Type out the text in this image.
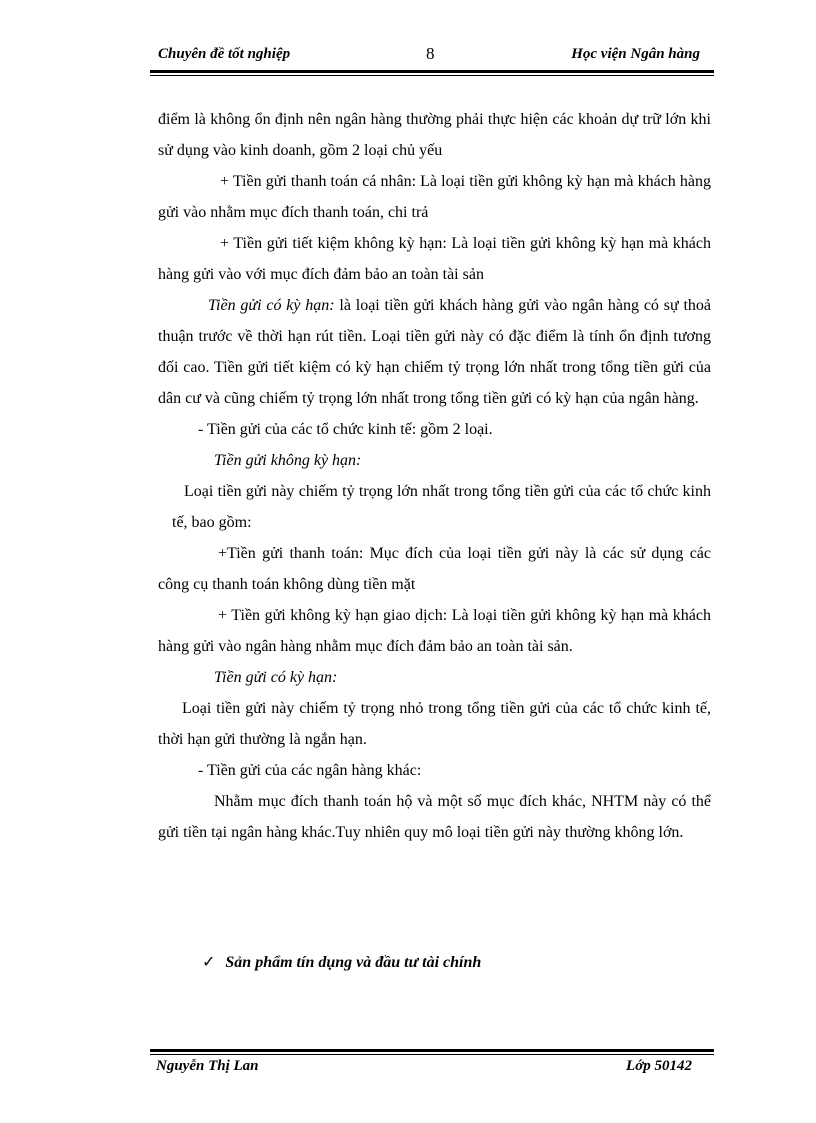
Chuyên đề tốt nghiệp	8	Học viện Ngân hàng

điểm là không ổn định nên ngân hàng thường phải thực hiện các khoản dự trữ lớn khi sử dụng vào kinh doanh, gồm 2 loại chủ yếu

+ Tiền gửi thanh toán cá nhân: Là loại tiền gửi không kỳ hạn mà khách hàng gửi vào nhằm mục đích thanh toán, chi trả

+ Tiền gửi tiết kiệm không kỳ hạn: Là loại tiền gửi không kỳ hạn mà khách hàng gửi vào với mục đích đảm bảo an toàn tài sản

Tiền gửi có kỳ hạn: là loại tiền gửi khách hàng gửi vào ngân hàng có sự thoả thuận trước về thời hạn rút tiền. Loại tiền gửi này có đặc điểm là tính ổn định tương đối cao. Tiền gửi tiết kiệm có kỳ hạn chiếm tỷ trọng lớn nhất trong tổng tiền gửi của dân cư và cũng chiếm tỷ trọng lớn nhất trong tổng tiền gửi có kỳ hạn của ngân hàng.

- Tiền gửi của các tổ chức kinh tế: gồm 2 loại.

Tiền gửi không kỳ hạn:

Loại tiền gửi này chiếm tỷ trọng lớn nhất trong tổng tiền gửi của các tổ chức kinh tế, bao gồm:

+Tiền gửi thanh toán: Mục đích của loại tiền gửi này là các sử dụng các công cụ thanh toán không dùng tiền mặt

+ Tiền gửi không kỳ hạn giao dịch: Là loại tiền gửi không kỳ hạn mà khách hàng gửi vào ngân hàng nhằm mục đích đảm bảo an toàn tài sản.

Tiền gửi có kỳ hạn:

Loại tiền gửi này chiếm tỷ trọng nhỏ trong tổng tiền gửi của các tổ chức kinh tế, thời hạn gửi thường là ngắn hạn.

- Tiền gửi của các ngân hàng khác:

Nhằm mục đích thanh toán hộ và một số mục đích khác, NHTM này có thể gửi tiền tại ngân hàng khác.Tuy nhiên quy mô loại tiền gửi này thường không lớn.

✓ Sản phẩm tín dụng và đầu tư tài chính
Nguyễn Thị Lan	Lớp 50142
